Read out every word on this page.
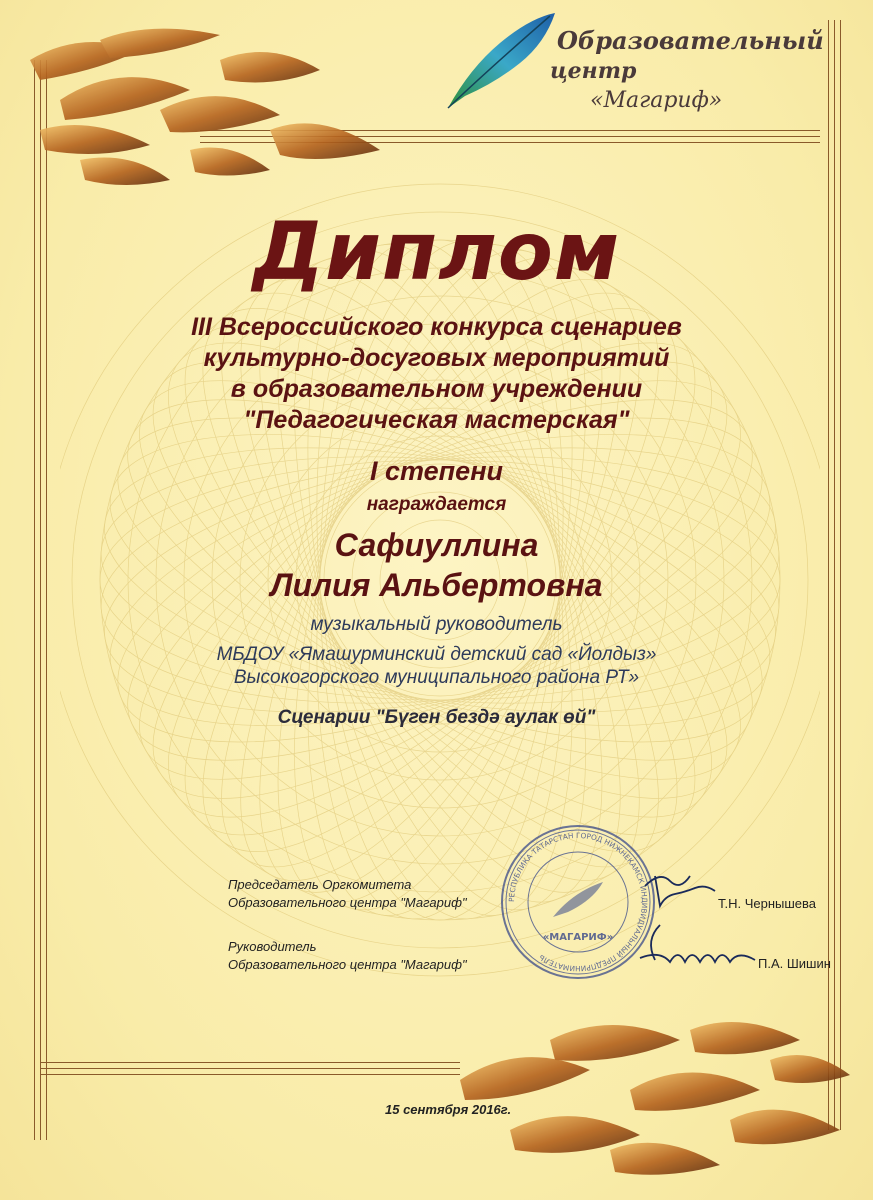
Образовательный
центр
«Магариф»
Диплом
III Всероссийского конкурса сценариев
культурно-досуговых мероприятий
в образовательном учреждении
"Педагогическая мастерская"
I степени
награждается
Сафиуллина
Лилия Альбертовна
музыкальный руководитель
МБДОУ «Ямашурминский детский сад «Йолдыз»
Высокогорского муниципального района РТ»
Сценарии "Бүген бездә аулак өй"
РЕСПУБЛИКА ТАТАРСТАН ГОРОД НИЖНЕКАМСК ИНДИВИДУАЛЬНЫЙ ПРЕДПРИНИМАТЕЛЬ
«МАГАРИФ»
Председатель Оргкомитета
Образовательного центра "Магариф"	Т.Н. Чернышева
Руководитель
Образовательного центра "Магариф"	П.А. Шишин
15 сентября 2016г.
